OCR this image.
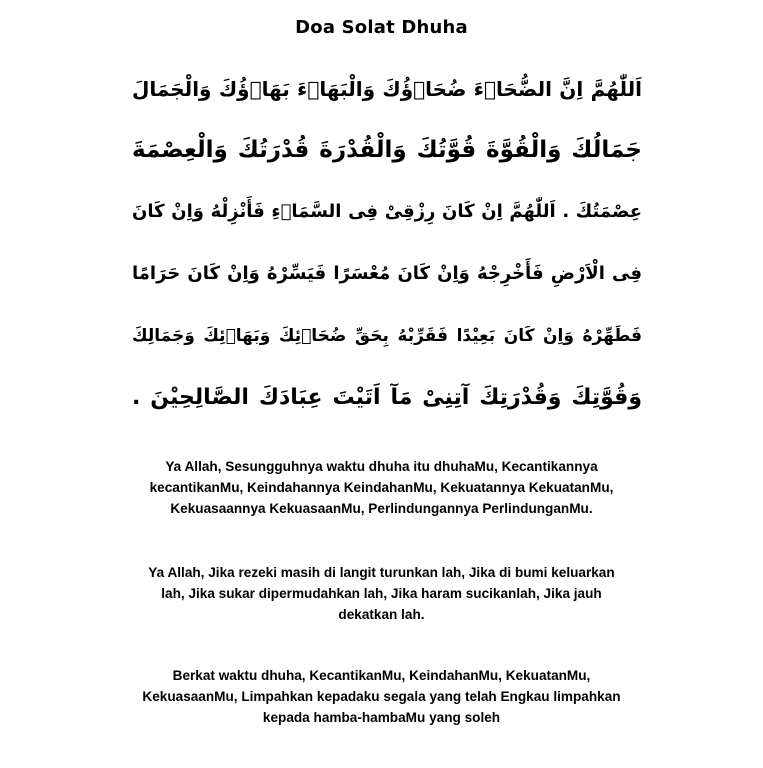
Doa Solat Dhuha
اَللّٰهُمَّ اِنَّ الضُّحَاۤءَ ضُحَاۤؤُكَ وَالْبَهَاۤءَ بَهَاۤؤُكَ وَالْجَمَالَ
جَمَالُكَ وَالْقُوَّةَ قُوَّتُكَ وَالْقُدْرَةَ قُدْرَتُكَ وَالْعِصْمَةَ
عِصْمَتُكَ . اَللّٰهُمَّ اِنْ كَانَ رِزْقِىْ فِى السَّمَاۤءِ فَأَنْزِلْهُ وَاِنْ كَانَ
فِى الْاَرْضِ فَأَخْرِجْهُ وَاِنْ كَانَ مُعْسَرًا فَيَسِّرْهُ وَاِنْ كَانَ حَرَامًا
فَطَهِّرْهُ وَاِنْ كَانَ بَعِيْدًا فَقَرِّبْهُ بِحَقِّ ضُحَاۤئِكَ وَبَهَاۤئِكَ وَجَمَالِكَ
وَقُوَّتِكَ وَقُدْرَتِكَ آتِنِىْ مَآ اَتَيْتَ عِبَادَكَ الصَّالِحِيْنَ .
Ya Allah, Sesungguhnya waktu dhuha itu dhuhaMu, Kecantikannya
kecantikanMu, Keindahannya KeindahanMu, Kekuatannya KekuatanMu,
Kekuasaannya KekuasaanMu, Perlindungannya PerlindunganMu.
Ya Allah, Jika rezeki masih di langit turunkan lah, Jika di bumi keluarkan
lah, Jika sukar dipermudahkan lah, Jika haram sucikanlah, Jika jauh
dekatkan lah.
Berkat waktu dhuha, KecantikanMu, KeindahanMu, KekuatanMu,
KekuasaanMu, Limpahkan kepadaku segala yang telah Engkau limpahkan
kepada hamba-hambaMu yang soleh
